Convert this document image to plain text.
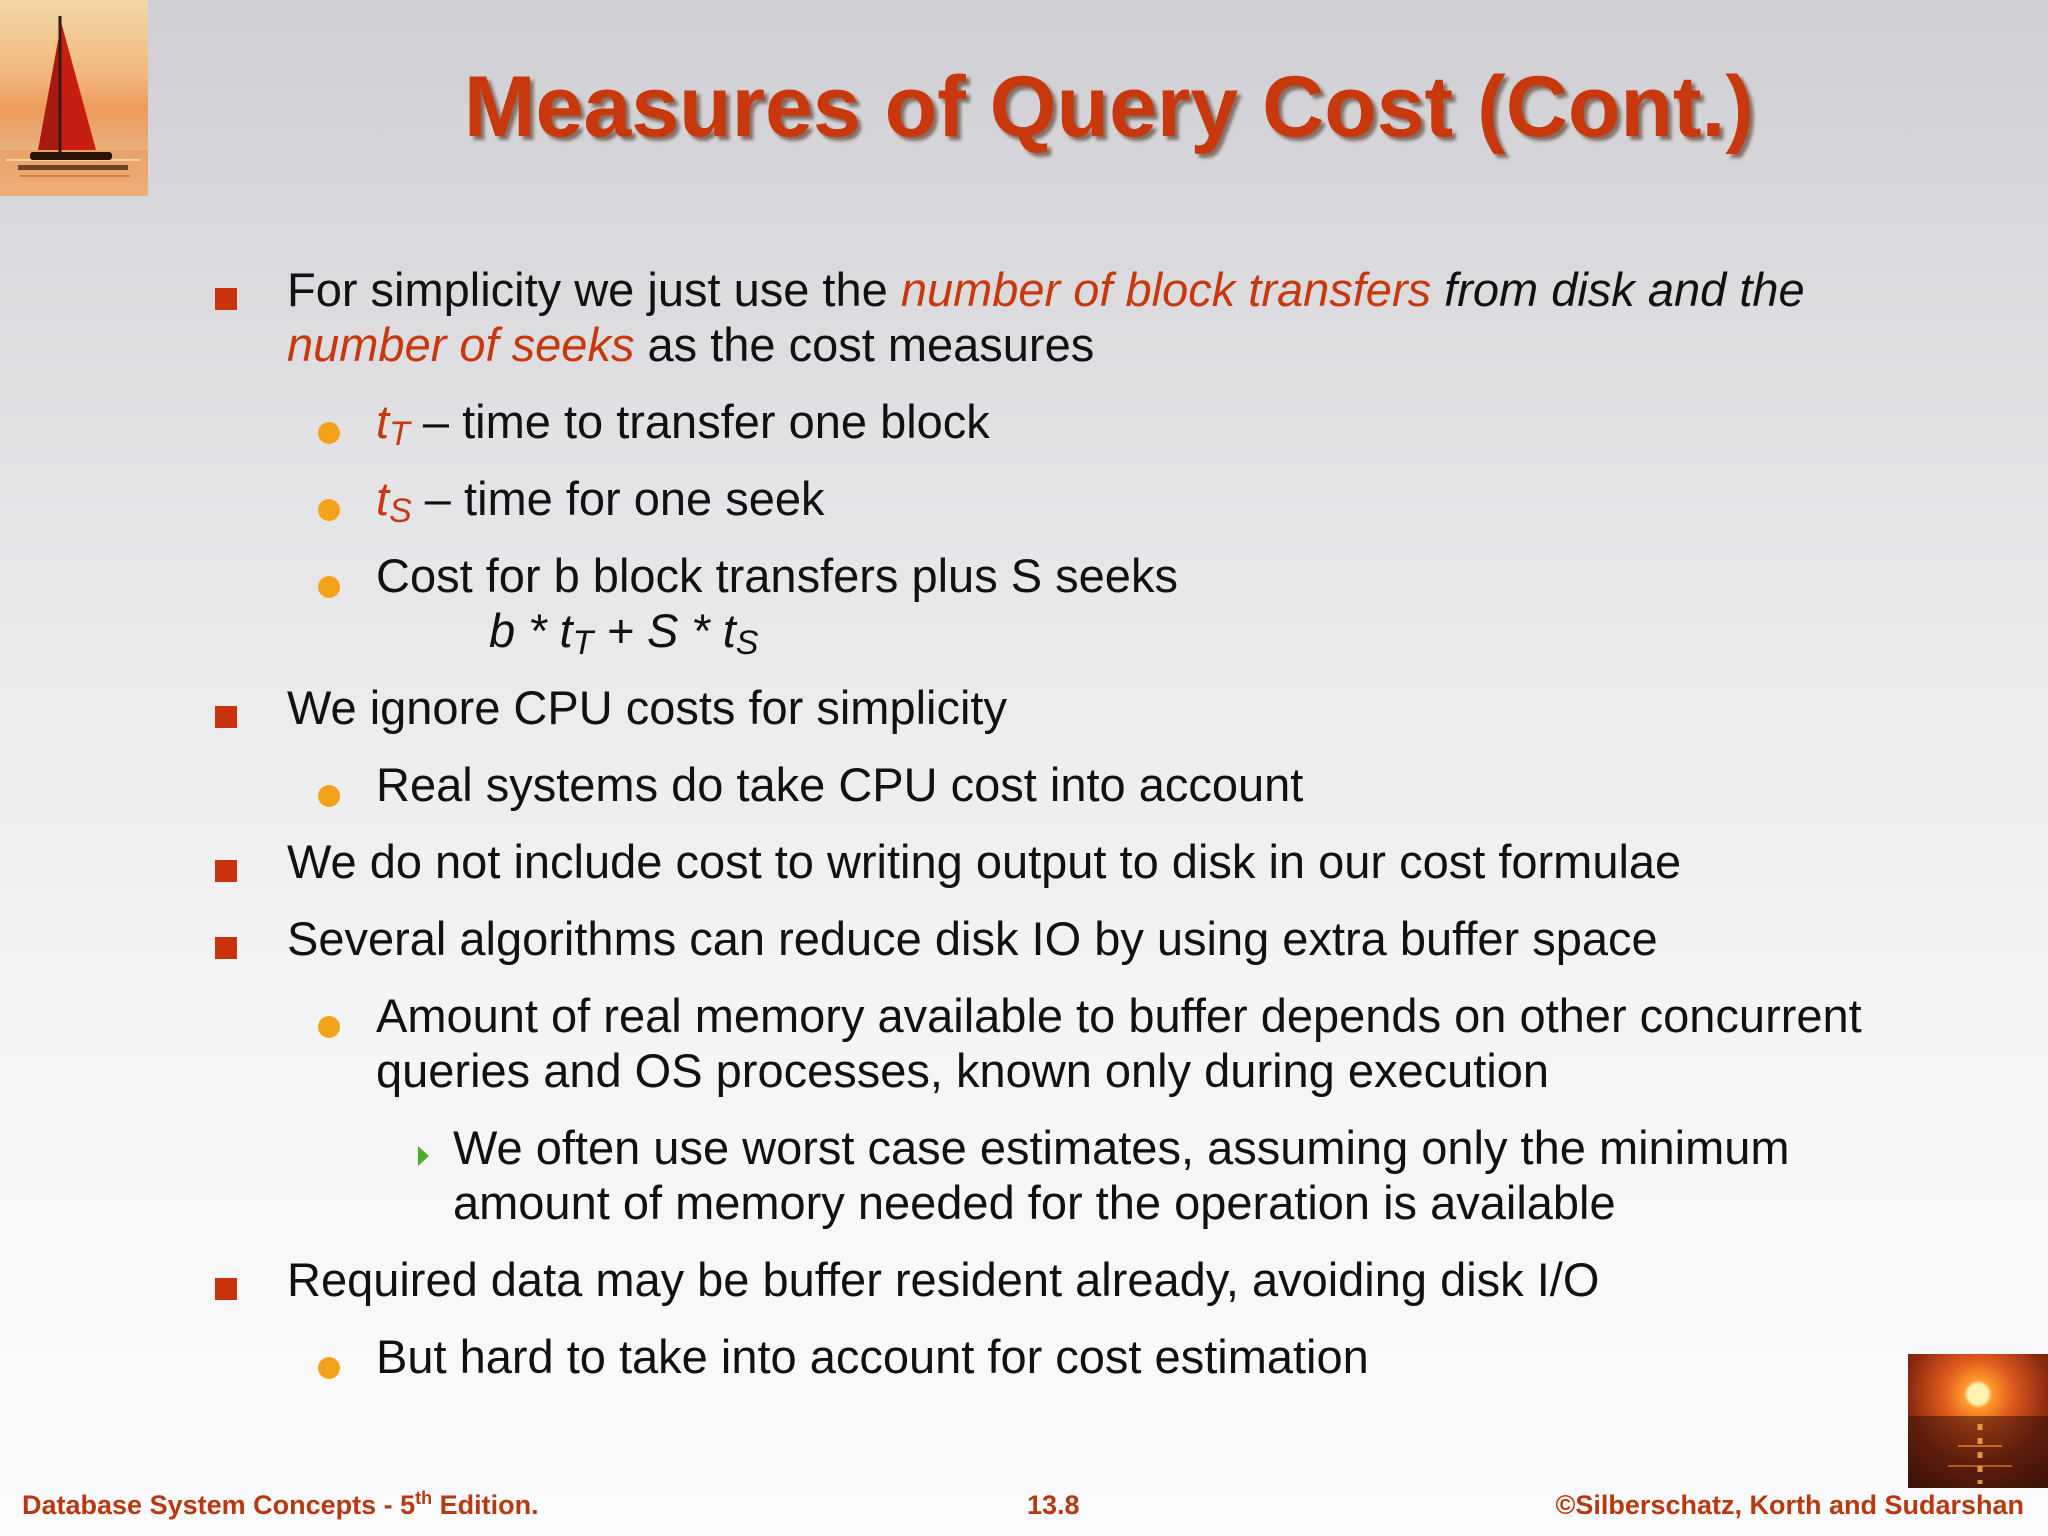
Measures of Query Cost (Cont.)
For simplicity we just use the number of block transfers from disk and the
number of seeks as the cost measures
$t_T$ – time to transfer one block
$t_S$ – time for one seek
Cost for b block transfers plus S seeks
$b * t_T + S * t_S$
We ignore CPU costs for simplicity
Real systems do take CPU cost into account
We do not include cost to writing output to disk in our cost formulae
Several algorithms can reduce disk IO by using extra buffer space
Amount of real memory available to buffer depends on other concurrent
queries and OS processes, known only during execution
We often use worst case estimates, assuming only the minimum
amount of memory needed for the operation is available
Required data may be buffer resident already, avoiding disk I/O
But hard to take into account for cost estimation
Database System Concepts - 5th Edition.	13.8	©Silberschatz, Korth and Sudarshan
